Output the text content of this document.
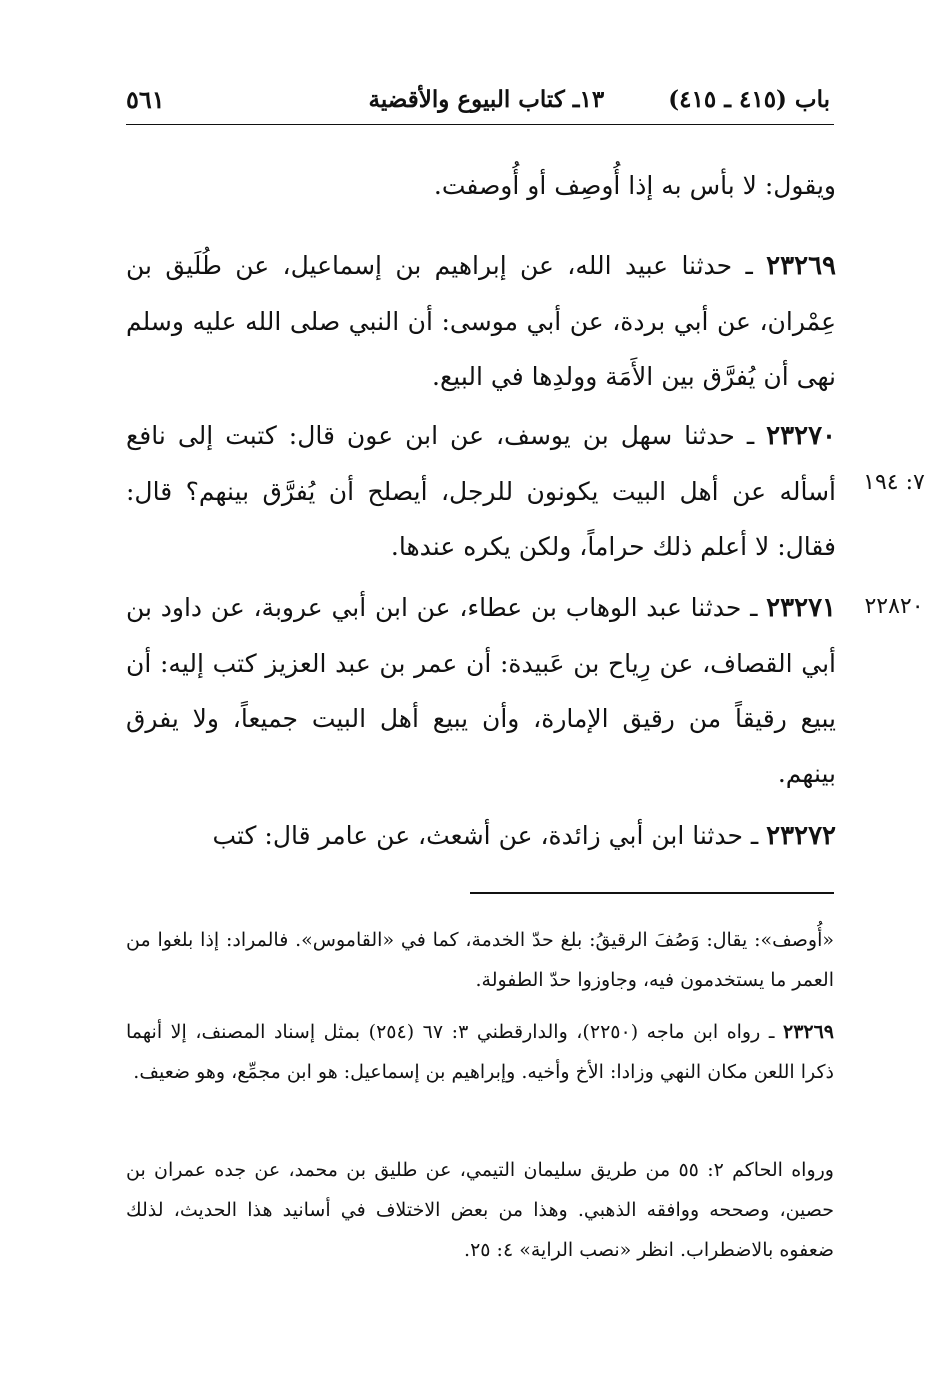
باب (٤١٥ ـ ٤١٥)
١٣ـ كتاب البيوع والأقضية
٥٦١

ويقول: لا بأس به إذا أُوصِف أو أُوصفت.

٢٣٢٦٩ ـ حدثنا عبيد الله، عن إبراهيم بن إسماعيل، عن طُلَيق بن عِمْران، عن أبي بردة، عن أبي موسى: أن النبي صلى الله عليه وسلم نهى أن يُفرَّق بين الأَمَة وولدِها في البيع.

٢٣٢٧٠ ـ حدثنا سهل بن يوسف، عن ابن عون قال: كتبت إلى نافع أسأله عن أهل البيت يكونون للرجل، أيصلح أن يُفرَّق بينهم؟ قال: فقال: لا أعلم ذلك حراماً، ولكن يكره عندها.

٢٣٢٧١ ـ حدثنا عبد الوهاب بن عطاء، عن ابن أبي عروبة، عن داود بن أبي القصاف، عن رِياح بن عَبيدة: أن عمر بن عبد العزيز كتب إليه: أن يبيع رقيقاً من رقيق الإمارة، وأن يبيع أهل البيت جميعاً، ولا يفرق بينهم.

٢٣٢٧٢ ـ حدثنا ابن أبي زائدة، عن أشعث، عن عامر قال: كتب

٧: ١٩٤
٢٢٨٢٠

«أُوصف»: يقال: وَصُفَ الرقيقُ: بلغ حدّ الخدمة، كما في «القاموس». فالمراد: إذا بلغوا من العمر ما يستخدمون فيه، وجاوزوا حدّ الطفولة.

٢٣٢٦٩ ـ رواه ابن ماجه (٢٢٥٠)، والدارقطني ٣: ٦٧ (٢٥٤) بمثل إسناد المصنف، إلا أنهما ذكرا اللعن مكان النهي وزادا: الأخ وأخيه. وإبراهيم بن إسماعيل: هو ابن مجمِّع، وهو ضعيف.

ورواه الحاكم ٢: ٥٥ من طريق سليمان التيمي، عن طليق بن محمد، عن جده عمران بن حصين، وصححه ووافقه الذهبي. وهذا من بعض الاختلاف في أسانيد هذا الحديث، لذلك ضعفوه بالاضطراب. انظر «نصب الراية» ٤: ٢٥.
